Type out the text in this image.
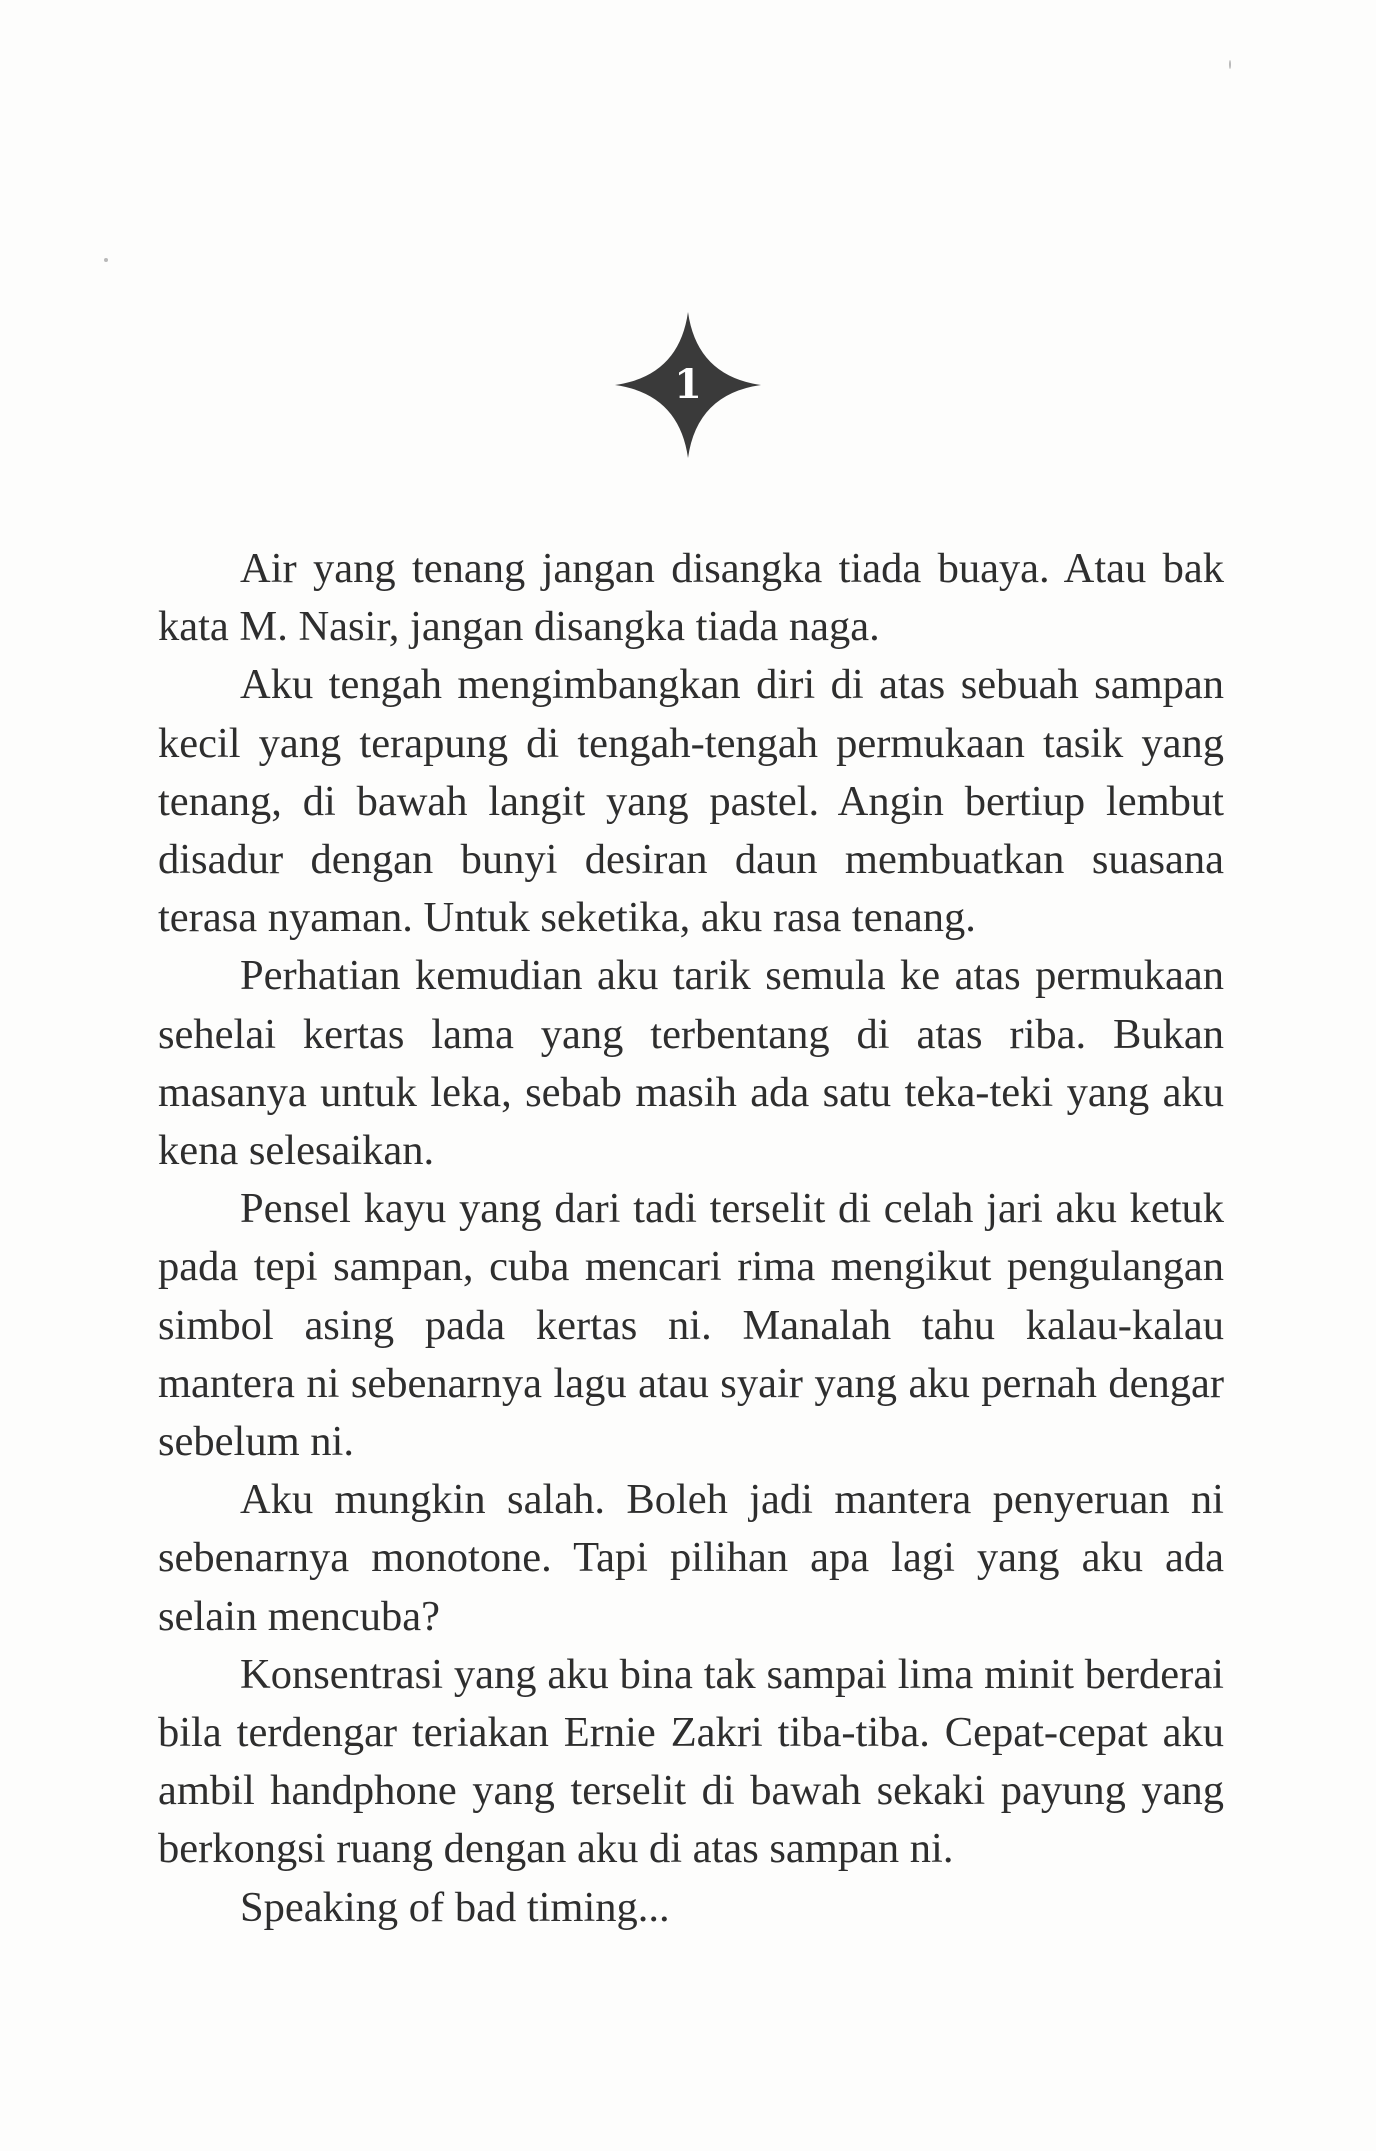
1

Air yang tenang jangan disangka tiada buaya. Atau bak kata M. Nasir, jangan disangka tiada naga.

Aku tengah mengimbangkan diri di atas sebuah sampan kecil yang terapung di tengah-tengah permukaan tasik yang tenang, di bawah langit yang pastel. Angin bertiup lembut disadur dengan bunyi desiran daun membuatkan suasana terasa nyaman. Untuk seketika, aku rasa tenang.

Perhatian kemudian aku tarik semula ke atas permukaan sehelai kertas lama yang terbentang di atas riba. Bukan masanya untuk leka, sebab masih ada satu teka-teki yang aku kena selesaikan.

Pensel kayu yang dari tadi terselit di celah jari aku ketuk pada tepi sampan, cuba mencari rima mengikut pengulangan simbol asing pada kertas ni. Manalah tahu kalau-kalau mantera ni sebenarnya lagu atau syair yang aku pernah dengar sebelum ni.

Aku mungkin salah. Boleh jadi mantera penyeruan ni sebenarnya monotone. Tapi pilihan apa lagi yang aku ada selain mencuba?

Konsentrasi yang aku bina tak sampai lima minit berderai bila terdengar teriakan Ernie Zakri tiba-tiba. Cepat-cepat aku ambil handphone yang terselit di bawah sekaki payung yang berkongsi ruang dengan aku di atas sampan ni.

Speaking of bad timing...
